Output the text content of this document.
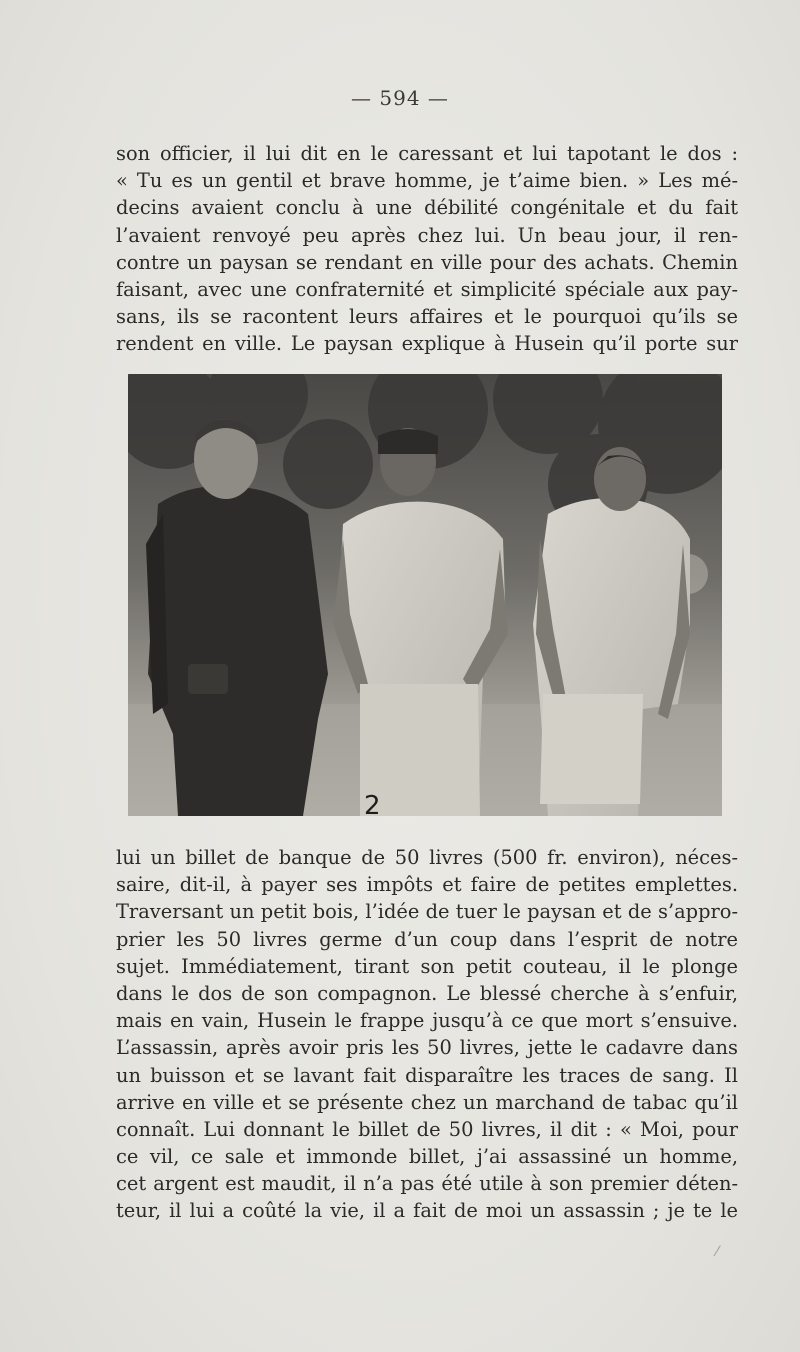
— 594 —
son officier, il lui dit en le caressant et lui tapotant le dos :
« Tu es un gentil et brave homme, je t’aime bien. » Les mé-
decins avaient conclu à une débilité congénitale et du fait
l’avaient renvoyé peu après chez lui. Un beau jour, il ren-
contre un paysan se rendant en ville pour des achats. Chemin
faisant, avec une confraternité et simplicité spéciale aux pay-
sans, ils se racontent leurs affaires et le pourquoi qu’ils se
rendent en ville. Le paysan explique à Husein qu’il porte sur
2
lui un billet de banque de 50 livres (500 fr. environ), néces-
saire, dit-il, à payer ses impôts et faire de petites emplettes.
Traversant un petit bois, l’idée de tuer le paysan et de s’appro-
prier les 50 livres germe d’un coup dans l’esprit de notre
sujet. Immédiatement, tirant son petit couteau, il le plonge
dans le dos de son compagnon. Le blessé cherche à s’enfuir,
mais en vain, Husein le frappe jusqu’à ce que mort s’ensuive.
L’assassin, après avoir pris les 50 livres, jette le cadavre dans
un buisson et se lavant fait disparaître les traces de sang. Il
arrive en ville et se présente chez un marchand de tabac qu’il
connaît. Lui donnant le billet de 50 livres, il dit : « Moi, pour
ce vil, ce sale et immonde billet, j’ai assassiné un homme,
cet argent est maudit, il n’a pas été utile à son premier déten-
teur, il lui a coûté la vie, il a fait de moi un assassin ; je te le
⁄
